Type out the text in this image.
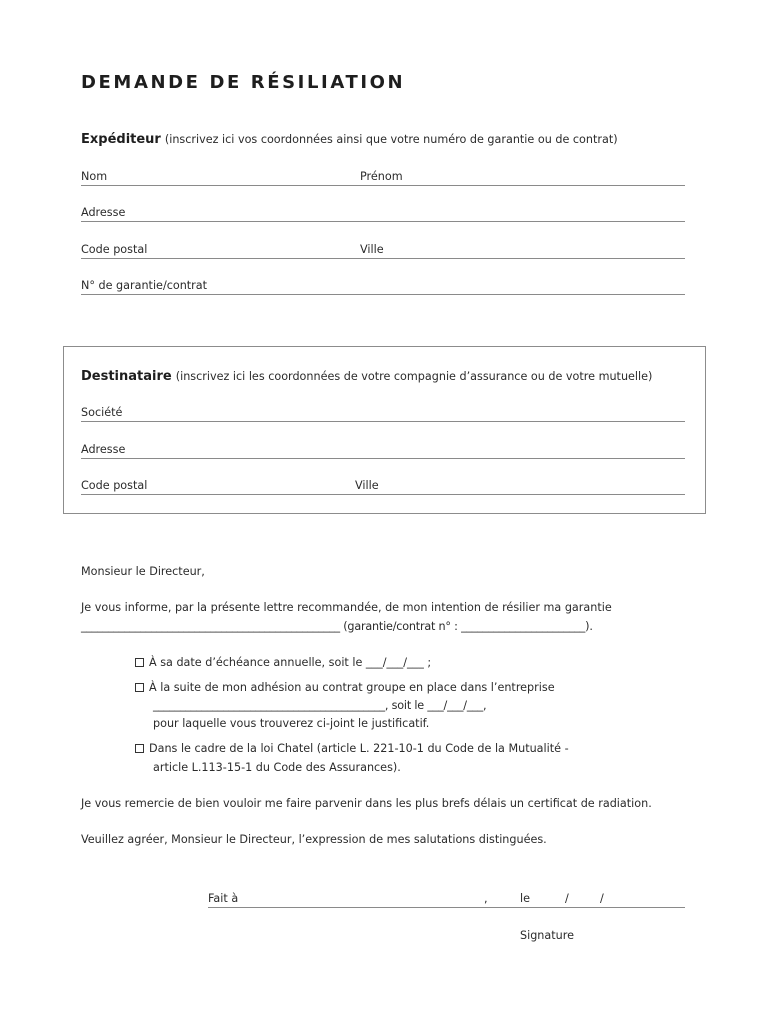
DEMANDE DE RÉSILIATION
Expéditeur (inscrivez ici vos coordonnées ainsi que votre numéro de garantie ou de contrat)
Nom	Prénom
Adresse
Code postal	Ville
N° de garantie/contrat
Destinataire (inscrivez ici les coordonnées de votre compagnie d’assurance ou de votre mutuelle)
Société
Adresse
Code postal	Ville
Monsieur le Directeur,
Je vous informe, par la présente lettre recommandée, de mon intention de résilier ma garantie
________________________________________________ (garantie/contrat n° : _______________________).
À sa date d’échéance annuelle, soit le ___/___/___ ;
À la suite de mon adhésion au contrat groupe en place dans l’entreprise
___________________________________________, soit le ___/___/___,
pour laquelle vous trouverez ci-joint le justificatif.
Dans le cadre de la loi Chatel (article L. 221-10-1 du Code de la Mutualité -
article L.113-15-1 du Code des Assurances).
Je vous remercie de bien vouloir me faire parvenir dans les plus brefs délais un certificat de radiation.
Veuillez agréer, Monsieur le Directeur, l’expression de mes salutations distinguées.
Fait à	,	le	/	/
Signature
